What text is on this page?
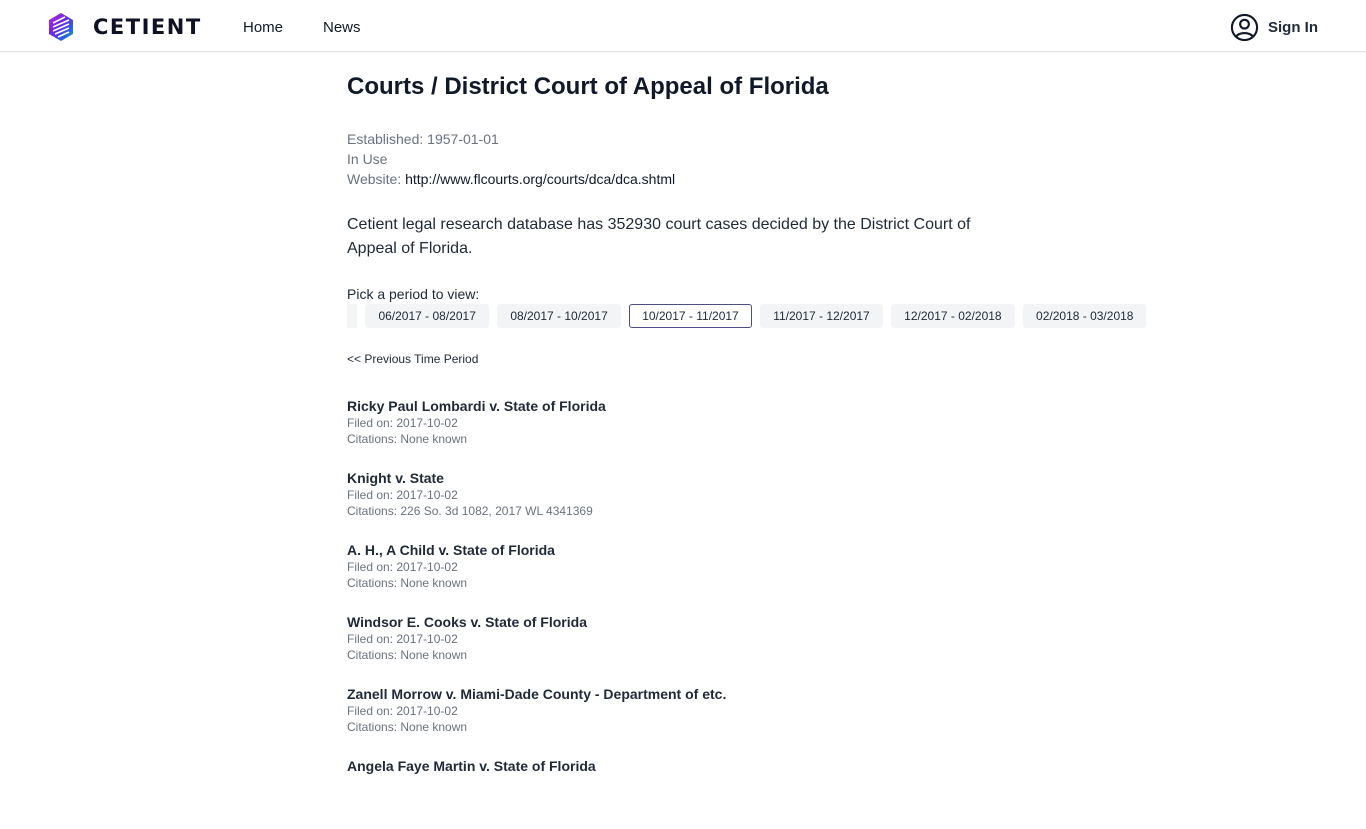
CETIENT	Home	News	Sign In
Courts / District Court of Appeal of Florida
Established: 1957-01-01
In Use
Website: http://www.flcourts.org/courts/dca/dca.shtml

Cetient legal research database has 352930 court cases decided by the District Court of Appeal of Florida.

Pick a period to view:
06/2017 - 08/2017	08/2017 - 10/2017	10/2017 - 11/2017	11/2017 - 12/2017	12/2017 - 02/2018	02/2018 - 03/2018
<< Previous Time Period
Ricky Paul Lombardi v. State of Florida
Filed on: 2017-10-02
Citations: None known
Knight v. State
Filed on: 2017-10-02
Citations: 226 So. 3d 1082, 2017 WL 4341369
A. H., A Child v. State of Florida
Filed on: 2017-10-02
Citations: None known
Windsor E. Cooks v. State of Florida
Filed on: 2017-10-02
Citations: None known
Zanell Morrow v. Miami-Dade County - Department of etc.
Filed on: 2017-10-02
Citations: None known
Angela Faye Martin v. State of Florida
